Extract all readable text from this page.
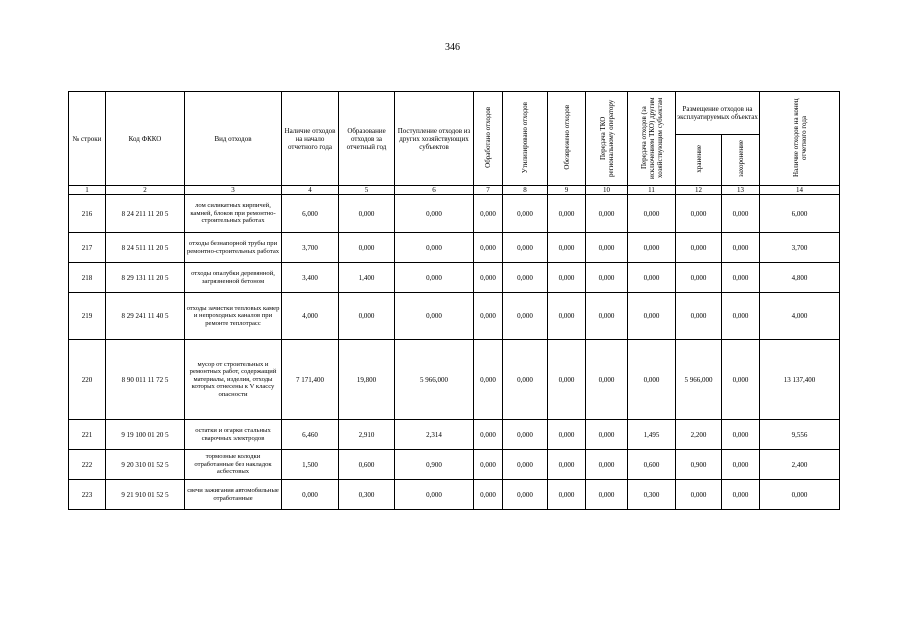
346
№ строки	Код ФККО	Вид отходов	Наличие отходов на начало отчетного года	Образование отходов за отчетный год	Поступление отходов из других хозяйствующих субъектов	Обработано отходов	Утилизировано отходов	Обезврежено отходов	Передача ТКО региональному оператору	Передача отходов (за исключением ТКО) другим хозяйствующим субъектам	Размещение отходов на эксплуатируемых объектах		Наличие отходов на конец отчетного года
											хранение	захоронение	
1	2	3	4	5	6	7	8	9	10	11	12	13	14
216	8 24 211 11 20 5	лом силикатных кирпичей, камней, блоков при ремонтно-строительных работах	6,000	0,000	0,000	0,000	0,000	0,000	0,000	0,000	0,000	0,000	6,000
217	8 24 511 11 20 5	отходы безнапорной трубы при ремонтно-строительных работах	3,700	0,000	0,000	0,000	0,000	0,000	0,000	0,000	0,000	0,000	3,700
218	8 29 131 11 20 5	отходы опалубки деревянной, загрязненной бетоном	3,400	1,400	0,000	0,000	0,000	0,000	0,000	0,000	0,000	0,000	4,800
219	8 29 241 11 40 5	отходы зачистки тепловых камер и непроходных каналов при ремонте теплотрасс	4,000	0,000	0,000	0,000	0,000	0,000	0,000	0,000	0,000	0,000	4,000
220	8 90 011 11 72 5	мусор от строительных и ремонтных работ, содержащий материалы, изделия, отходы которых отнесены к V классу опасности	7 171,400	19,800	5 966,000	0,000	0,000	0,000	0,000	0,000	5 966,000	0,000	13 137,400
221	9 19 100 01 20 5	остатки и огарки стальных сварочных электродов	6,460	2,910	2,314	0,000	0,000	0,000	0,000	1,495	2,200	0,000	9,556
222	9 20 310 01 52 5	тормозные колодки отработанные без накладок асбестовых	1,500	0,600	0,900	0,000	0,000	0,000	0,000	0,600	0,900	0,000	2,400
223	9 21 910 01 52 5	свечи зажигания автомобильные отработанные	0,000	0,300	0,000	0,000	0,000	0,000	0,000	0,300	0,000	0,000	0,000
